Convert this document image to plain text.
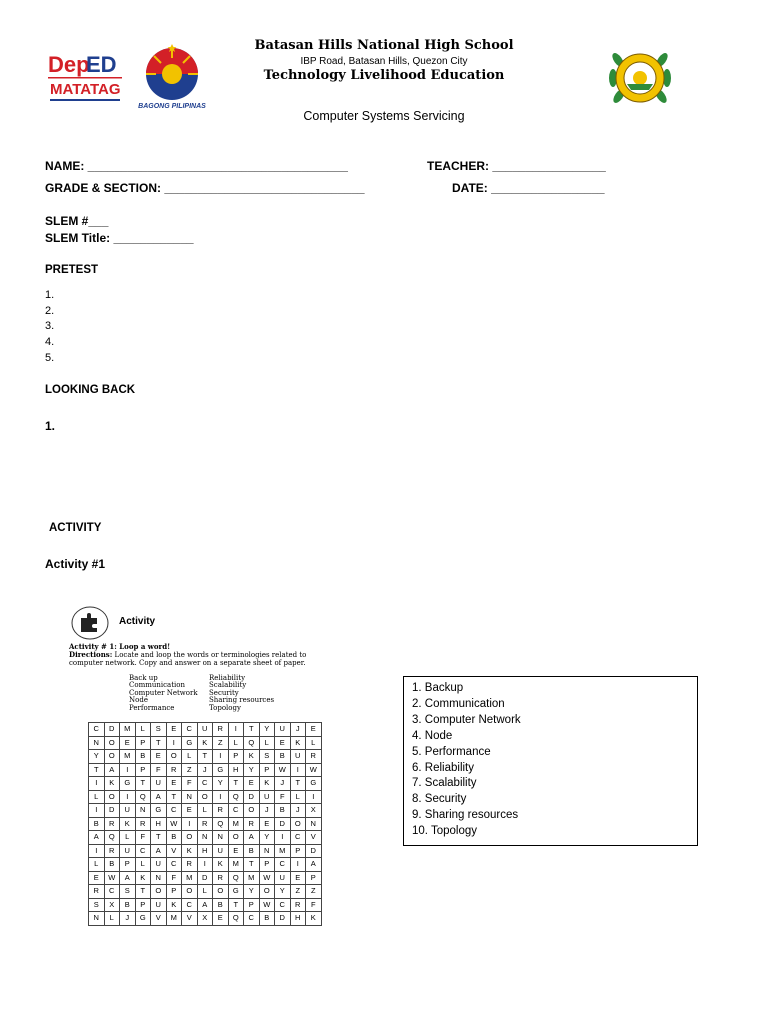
Dep
ED
MATATAG
BAGONG PILIPINAS
Batasan Hills National High School
IBP Road, Batasan Hills, Quezon City
Technology Livelihood Education
Computer Systems Servicing
NAME: _______________________________________	TEACHER: _________________
GRADE & SECTION: ______________________________	DATE: _________________
SLEM #___
SLEM Title: ____________
PRETEST
1.
2.
3.
4.
5.
LOOKING BACK
1.
ACTIVITY
Activity #1
Activity
Activity # 1: Loop a word!
Directions: Locate and loop the words or terminologies related to computer network. Copy and answer on a separate sheet of paper.
Back up
Communication
Computer Network
Node
Performance
Reliability
Scalability
Security
Sharing resources
Topology
C	D	M	L	S	E	C	U	R	I	T	Y	U	J	E
N	O	E	P	T	I	G	K	Z	L	Q	L	E	K	L
Y	O	M	B	E	O	L	T	I	P	K	S	B	U	R
T	A	I	P	F	R	Z	J	G	H	Y	P	W	I	W
I	K	G	T	U	E	F	C	Y	T	E	K	J	T	G
L	O	I	Q	A	T	N	O	I	Q	D	U	F	L	I
I	D	U	N	G	C	E	L	R	C	O	J	B	J	X
B	R	K	R	H	W	I	R	Q	M	R	E	D	O	N
A	Q	L	F	T	B	O	N	N	O	A	Y	I	C	V
I	R	U	C	A	V	K	H	U	E	B	N	M	P	D
L	B	P	L	U	C	R	I	K	M	T	P	C	I	A
E	W	A	K	N	F	M	D	R	Q	M	W	U	E	P
R	C	S	T	O	P	O	L	O	G	Y	O	Y	Z	Z
S	X	B	P	U	K	C	A	B	T	P	W	C	R	F
N	L	J	G	V	M	V	X	E	Q	C	B	D	H	K
1. Backup
2. Communication
3. Computer Network
4. Node
5. Performance
6. Reliability
7. Scalability
8. Security
9. Sharing resources
10. Topology
